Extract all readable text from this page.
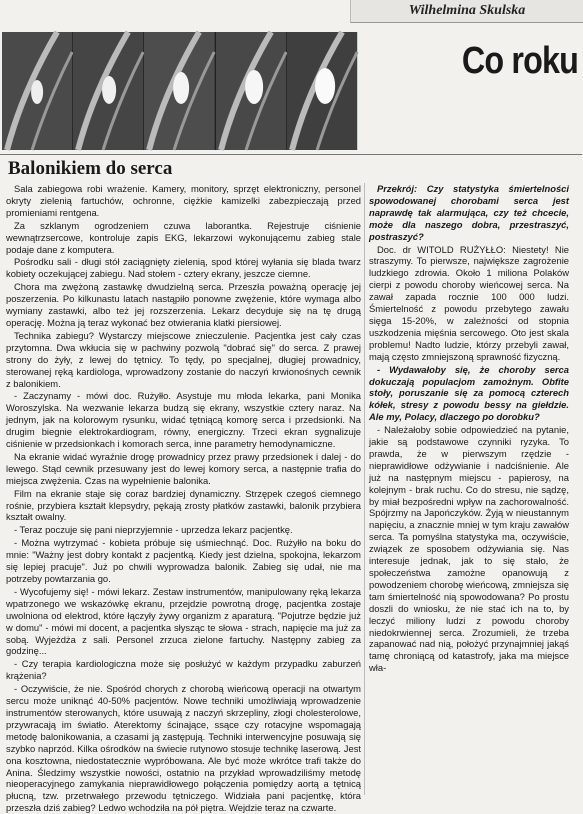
Wilhelmina Skulska
Co roku
Balonikiem do serca

Sala zabiegowa robi wrażenie. Kamery, monitory, sprzęt elektroniczny, personel okryty zielenią fartuchów, ochronne, ciężkie kamizelki zabezpieczają przed promieniami rentgena.

Za szklanym ogrodzeniem czuwa laborantka. Rejestruje ciśnienie wewnątrzsercowe, kontroluje zapis EKG, lekarzowi wykonującemu zabieg stale podaje dane z komputera.

Pośrodku sali - długi stół zacią̨gnięty zielenią, spod której wyłania się blada twarz kobiety oczekującej zabiegu. Nad stołem - cztery ekrany, jeszcze ciemne.

Chora ma zwężoną zastawkę dwudzielną serca. Przeszła poważną operację jej poszerzenia. Po kilkunastu latach nastąpiło ponowne zwężenie, które wymaga albo wymiany zastawki, albo też jej rozszerzenia. Lekarz decyduje się na tę drugą operację. Można ją teraz wykonać bez otwierania klatki piersiowej.

Technika zabiegu? Wystarczy miejscowe znieczulenie. Pacjentka jest cały czas przytomna. Dwa wkłucia się w pachwiny pozwolą "dobrać się" do serca. Z prawej strony do żyły, z lewej do tętnicy. To tędy, po specjalnej, długiej prowadnicy, sterowanej ręką kardiologa, wprowadzony zostanie do naczyń krwionośnych cewnik z balonikiem.

- Zaczynamy - mówi doc. Rużyłło. Asystuje mu młoda lekarka, pani Monika Woroszylska. Na wezwanie lekarza budzą się ekrany, wszystkie cztery naraz. Na jednym, jak na kolorowym rysunku, widać tętniącą komorę serca i przedsionki. Na drugim biegnie elektrokardiogram, równy, energiczny. Trzeci ekran sygnalizuje ciśnienie w przedsionkach i komorach serca, inne parametry hemodynamiczne.

Na ekranie widać wyraźnie drogę prowadnicy przez prawy przedsionek i dalej - do lewego. Stąd cewnik przesuwany jest do lewej komory serca, a następnie trafia do miejsca zwężenia. Czas na wypełnienie balonika.

Film na ekranie staje się coraz bardziej dynamiczny. Strzępek czegoś ciemnego rośnie, przybiera kształt klepsydry, pękają zrosty płatków zastawki, balonik przybiera kształt owalny.

- Teraz poczuje się pani nieprzyjemnie - uprzedza lekarz pacjentkę.

- Można wytrzymać - kobieta próbuje się uśmiechnąć. Doc. Rużyłło na boku do mnie: "Ważny jest dobry kontakt z pacjentką. Kiedy jest dzielna, spokojna, lekarzom się lepiej pracuje". Już po chwili wyprowadza balonik. Zabieg się udał, nie ma potrzeby powtarzania go.

- Wycofujemy się! - mówi lekarz. Zestaw instrumentów, manipulowany ręką lekarza wpatrzonego we wskazówkę ekranu, przejdzie powrotną drogę, pacjentka zostaje uwolniona od elektrod, które łączyły żywy organizm z aparaturą. "Pojutrze będzie już w domu" - mówi mi docent, a pacjentka słysząc te słowa - strach, napięcie ma już za sobą. Wyjeżdża z sali. Personel zrzuca zielone fartuchy. Następny zabieg za godzinę...

- Czy terapia kardiologiczna może się posłużyć w każdym przypadku zaburzeń krążenia?

- Oczywiście, że nie. Spośród chorych z chorobą wieńcową operacji na otwartym sercu może uniknąć 40-50% pacjentów. Nowe techniki umożliwiają wprowadzenie instrumentów sterowanych, które usuwają z naczyń skrzepliny, złogi cholesterolowe, przywracają im światło. Aterektomy ścinające, ssące czy rotacyjne wspomagają metodę balonikowania, a czasami ją zastępują. Techniki interwencyjne posuwają się szybko naprzód. Kilka ośrodków na świecie rutynowo stosuje technikę laserową. Jest ona kosztowna, niedostatecznie wypróbowana. Ale być może wkrótce trafi także do Anina. Śledzimy wszystkie nowości, ostatnio na przykład wprowadziliśmy metodę nieoperacyjnego zamykania nieprawidłowego połączenia pomiędzy aortą a tętnicą płucną, tzw. przetrwałego przewodu tętniczego. Widziała pani pacjentkę, która przeszła dziś zabieg? Ledwo wchodziła na pół piętra. Wejdzie teraz na czwarte.

Przekrój: Czy statystyka śmiertelności spowodowanej chorobami serca jest naprawdę tak alarmująca, czy też chcecie, może dla naszego dobra, przestraszyć, postraszyć?

Doc. dr WITOLD RUŻYŁŁO: Niestety! Nie straszymy. To pierwsze, największe zagrożenie ludzkiego zdrowia. Około 1 miliona Polaków cierpi z powodu choroby wieńcowej serca. Na zawał zapada rocznie 100 000 ludzi. Śmiertelność z powodu przebytego zawału sięga 15-20%, w zależności od stopnia uszkodzenia mięśnia sercowego. Oto jest skala problemu! Nadto ludzie, którzy przebyli zawał, mają często zmniejszoną sprawność fizyczną.

- Wydawałoby się, że choroby serca dokuczają populacjom zamożnym. Obfite stoły, poruszanie się za pomocą czterech kółek, stresy z powodu bessy na giełdzie. Ale my, Polacy, dlaczego po dorobku?

- Należałoby sobie odpowiedzieć na pytanie, jakie są podstawowe czynniki ryzyka. To prawda, że w pierwszym rzędzie - nieprawidłowe odżywianie i nadciśnienie. Ale już na następnym miejscu - papierosy, na kolejnym - brak ruchu. Co do stresu, nie sądzę, by miał bezpośredni wpływ na zachorowalność. Spójrzmy na Japończyków. Żyją w nieustannym napięciu, a znacznie mniej w tym kraju zawałów serca. Ta pomyślna statystyka ma, oczywiście, związek ze sposobem odżywiania się. Nas interesuje jednak, jak to się stało, że społeczeństwa zamożne opanowują z powodzeniem chorobę wieńcową, zmniejsza się tam śmiertelność nią spowodowana? Po prostu doszli do wniosku, że nie stać ich na to, by leczyć miliony ludzi z powodu choroby niedokrwiennej serca. Zrozumieli, że trzeba zapanować nad nią, położyć przynajmniej jakąś tamę chroniącą od katastrofy, jaka ma miejsce wła-
